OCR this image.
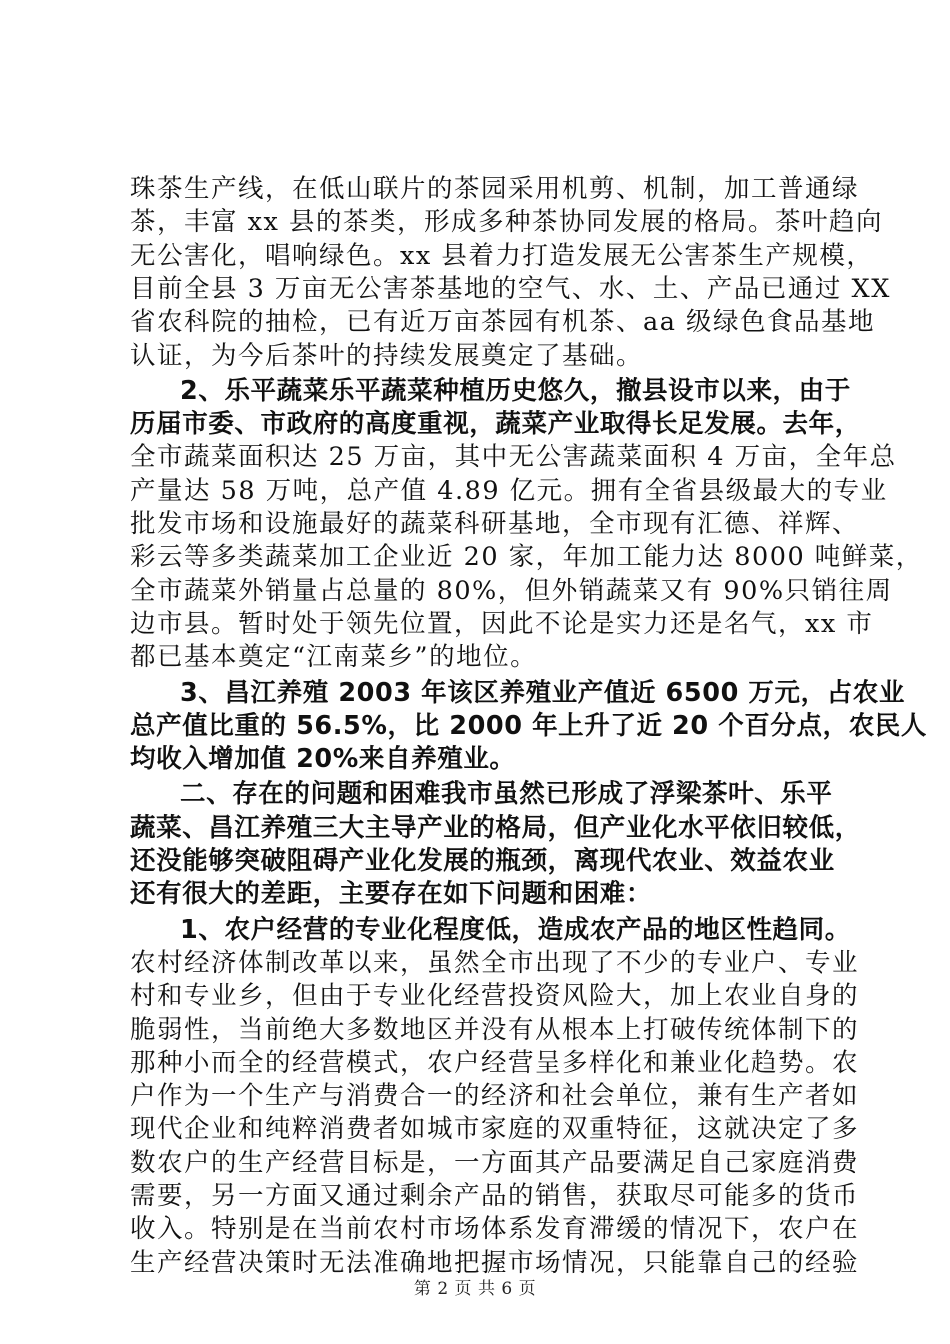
珠茶生产线，在低山联片的茶园采用机剪、机制，加工普通绿

茶，丰富 xx 县的茶类，形成多种茶协同发展的格局。茶叶趋向

无公害化，唱响绿色。xx 县着力打造发展无公害茶生产规模，

目前全县 3 万亩无公害茶基地的空气、水、土、产品已通过 XX

省农科院的抽检，已有近万亩茶园有机茶、aa 级绿色食品基地

认证，为今后茶叶的持续发展奠定了基础。

2、乐平蔬菜乐平蔬菜种植历史悠久，撤县设市以来，由于

历届市委、市政府的高度重视，蔬菜产业取得长足发展。去年，

全市蔬菜面积达 25 万亩，其中无公害蔬菜面积 4 万亩，全年总

产量达 58 万吨，总产值 4.89 亿元。拥有全省县级最大的专业

批发市场和设施最好的蔬菜科研基地，全市现有汇德、祥辉、

彩云等多类蔬菜加工企业近 20 家，年加工能力达 8000 吨鲜菜，

全市蔬菜外销量占总量的 80%，但外销蔬菜又有 90%只销往周

边市县。暂时处于领先位置，因此不论是实力还是名气，xx 市

都已基本奠定“江南菜乡”的地位。

3、昌江养殖 2003 年该区养殖业产值近 6500 万元，占农业

总产值比重的 56.5%，比 2000 年上升了近 20 个百分点，农民人

均收入增加值 20%来自养殖业。

二、存在的问题和困难我市虽然已形成了浮梁茶叶、乐平

蔬菜、昌江养殖三大主导产业的格局，但产业化水平依旧较低，

还没能够突破阻碍产业化发展的瓶颈，离现代农业、效益农业

还有很大的差距，主要存在如下问题和困难：

1、农户经营的专业化程度低，造成农产品的地区性趋同。

农村经济体制改革以来，虽然全市出现了不少的专业户、专业

村和专业乡，但由于专业化经营投资风险大，加上农业自身的

脆弱性，当前绝大多数地区并没有从根本上打破传统体制下的

那种小而全的经营模式，农户经营呈多样化和兼业化趋势。农

户作为一个生产与消费合一的经济和社会单位，兼有生产者如

现代企业和纯粹消费者如城市家庭的双重特征，这就决定了多

数农户的生产经营目标是，一方面其产品要满足自己家庭消费

需要，另一方面又通过剩余产品的销售，获取尽可能多的货币

收入。特别是在当前农村市场体系发育滞缓的情况下，农户在

生产经营决策时无法准确地把握市场情况，只能靠自己的经验

第 2 页 共 6 页
